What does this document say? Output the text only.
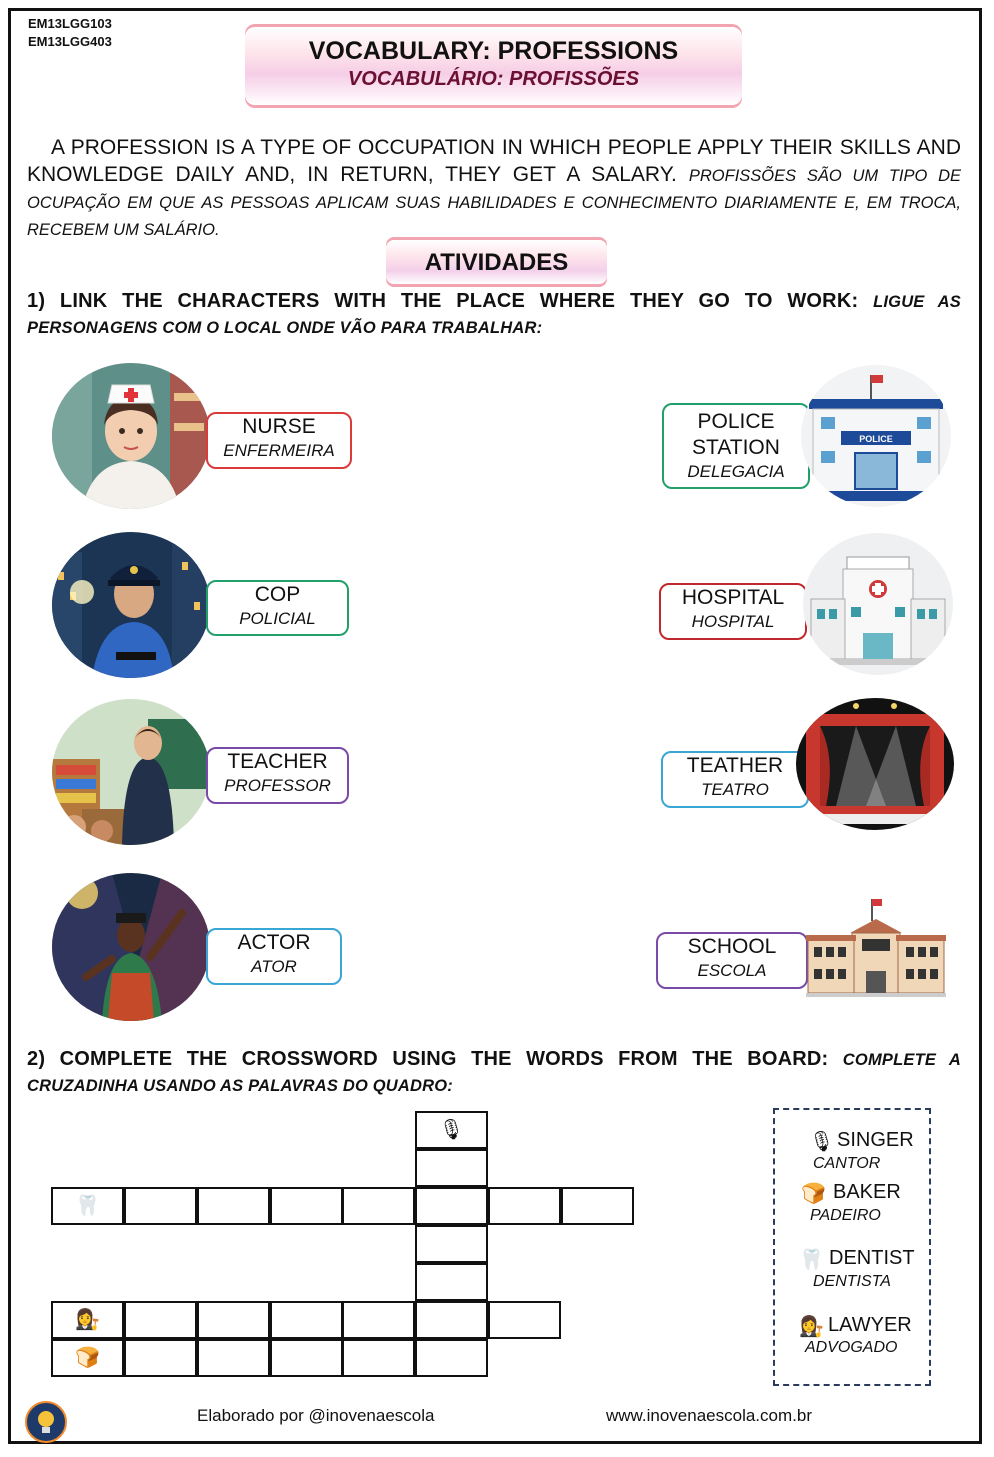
EM13LGG103
EM13LGG403	VOCABULARY: PROFESSIONS
VOCABULÁRIO: PROFISSÕES
A PROFESSION IS A TYPE OF OCCUPATION IN WHICH PEOPLE APPLY THEIR SKILLS AND KNOWLEDGE DAILY AND, IN RETURN, THEY GET A SALARY. PROFISSÕES SÃO UM TIPO DE OCUPAÇÃO EM QUE AS PESSOAS APLICAM SUAS HABILIDADES E CONHECIMENTO DIARIAMENTE E, EM TROCA, RECEBEM UM SALÁRIO.
ATIVIDADES
1) LINK THE CHARACTERS WITH THE PLACE WHERE THEY GO TO WORK: LIGUE AS PERSONAGENS COM O LOCAL ONDE VÃO PARA TRABALHAR:
NURSE
ENFERMEIRA
COP
POLICIAL
TEACHER
PROFESSOR
ACTOR
ATOR
POLICE
STATION
DELEGACIA
POLICE
HOSPITAL
HOSPITAL
TEATHER
TEATRO
SCHOOL
ESCOLA
2) COMPLETE THE CROSSWORD USING THE WORDS FROM THE BOARD: COMPLETE A CRUZADINHA USANDO AS PALAVRAS DO QUADRO:
🎙
🦷
👩‍⚖️
🍞
🎙 SINGER
CANTOR
🍞 BAKER
PADEIRO
🦷 DENTIST
DENTISTA
👩‍⚖️ LAWYER
ADVOGADO
Elaborado por @inovenaescola	www.inovenaescola.com.br
